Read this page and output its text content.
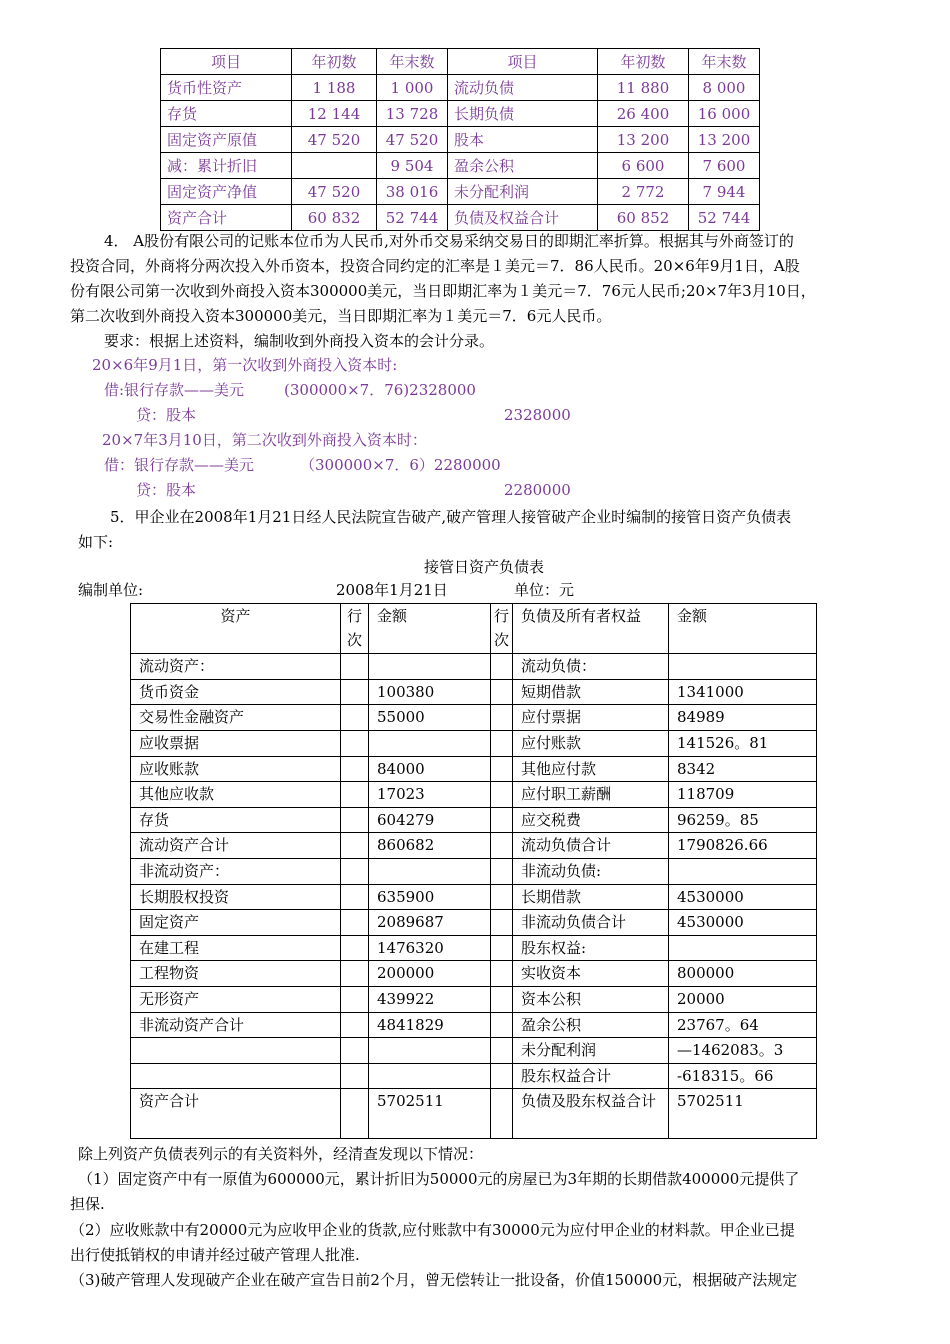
项目	年初数	年末数	项目	年初数	年末数
货币性资产	1 188	1 000	流动负债	11 880	8 000
存货	12 144	13 728	长期负债	26 400	16 000
固定资产原值	47 520	47 520	股本	13 200	13 200
减：累计折旧		9 504	盈余公积	6 600	7 600
固定资产净值	47 520	38 016	未分配利润	2 772	7 944
资产合计	60 832	52 744	负债及权益合计	60 852	52 744
4． A股份有限公司的记账本位币为人民币,对外币交易采纳交易日的即期汇率折算。根据其与外商签订的
投资合同，外商将分两次投入外币资本，投资合同约定的汇率是１美元＝7．86人民币。20×6年9月1日，A股
份有限公司第一次收到外商投入资本300000美元，当日即期汇率为１美元＝7．76元人民币;20×7年3月10日，
第二次收到外商投入资本300000美元，当日即期汇率为１美元＝7．6元人民币。
要求：根据上述资料，编制收到外商投入资本的会计分录。
20×6年9月1日，第一次收到外商投入资本时:
借:银行存款——美元	(300000×7．76)2328000
贷：股本	2328000
20×7年3月10日，第二次收到外商投入资本时：
借：银行存款——美元	（300000×7．6）2280000
贷：股本	2280000
5．甲企业在2008年1月21日经人民法院宣告破产,破产管理人接管破产企业时编制的接管日资产负债表
如下:
接管日资产负债表
编制单位:	2008年1月21日	单位：元
资产	行次	金额	行次	负债及所有者权益	金额
流动资产：				流动负债：	
货币资金		100380		短期借款	1341000
交易性金融资产		55000		应付票据	84989
应收票据				应付账款	141526。81
应收账款		84000		其他应付款	8342
其他应收款		17023		应付职工薪酬	118709
存货		604279		应交税费	96259。85
流动资产合计		860682		流动负债合计	1790826.66
非流动资产：				非流动负债:	
长期股权投资		635900		长期借款	4530000
固定资产		2089687		非流动负债合计	4530000
在建工程		1476320		股东权益:	
工程物资		200000		实收资本	800000
无形资产		439922		资本公积	20000
非流动资产合计		4841829		盈余公积	23767。64
				未分配利润	—1462083。3
				股东权益合计	-618315。66
资产合计		5702511		负债及股东权益合计	5702511
除上列资产负债表列示的有关资料外，经清查发现以下情况：
（1）固定资产中有一原值为600000元，累计折旧为50000元的房屋已为3年期的长期借款400000元提供了
担保.
（2）应收账款中有20000元为应收甲企业的货款,应付账款中有30000元为应付甲企业的材料款。甲企业已提
出行使抵销权的申请并经过破产管理人批准.
（3)破产管理人发现破产企业在破产宣告日前2个月，曾无偿转让一批设备，价值150000元，根据破产法规定
